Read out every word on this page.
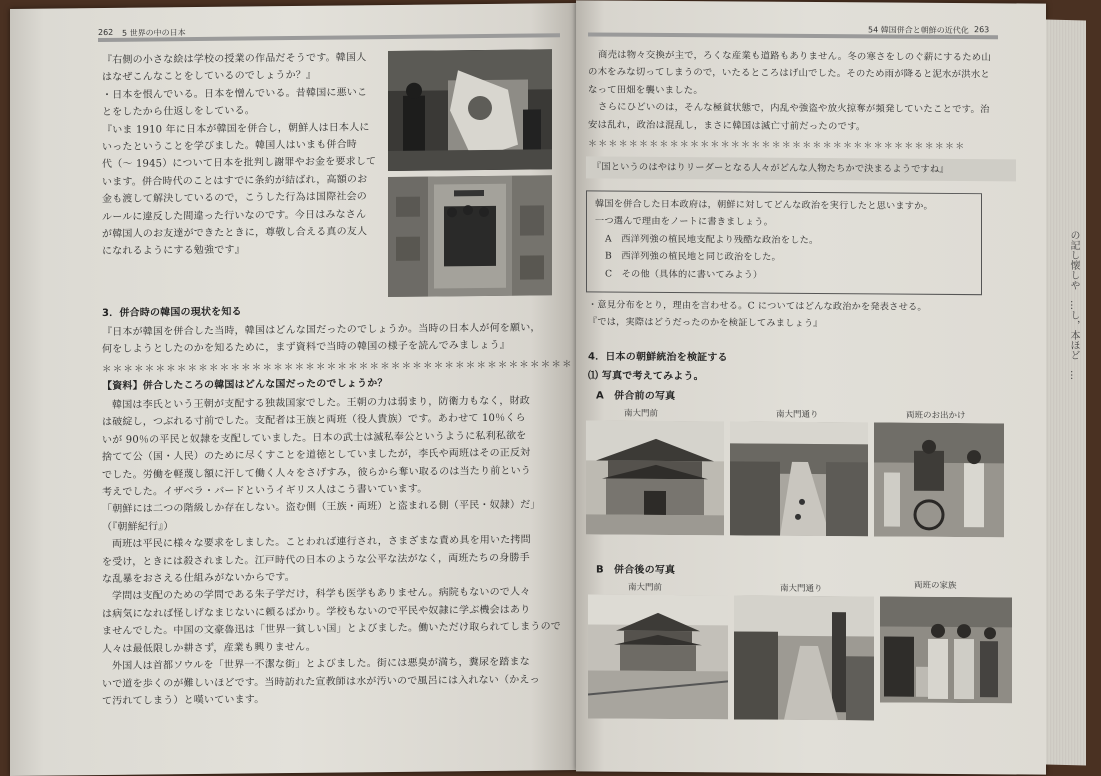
262 5 世界の中の日本
『右側の小さな絵は学校の授業の作品だそうです。韓国人
はなぜこんなことをしているのでしょうか？』
・日本を恨んでいる。日本を憎んでいる。昔韓国に悪いこ
とをしたから仕返しをしている。
『いま 1910 年に日本が韓国を併合し，朝鮮人は日本人に
いったということを学びました。韓国人はいまも併合時
代（～ 1945）について日本を批判し謝罪やお金を要求して
います。併合時代のことはすでに条約が結ばれ，高額のお
金も渡して解決しているので，こうした行為は国際社会の
ルールに違反した間違った行いなのです。今日はみなさん
が韓国人のお友達ができたときに，尊敬し合える真の友人
になれるようにする勉強です』
3．併合時の韓国の現状を知る
『日本が韓国を併合した当時，韓国はどんな国だったのでしょうか。当時の日本人が何を願い，
何をしようとしたのかを知るために，まず資料で当時の韓国の様子を読んでみましょう』
＊＊＊＊＊＊＊＊＊＊＊＊＊＊＊＊＊＊＊＊＊＊＊＊＊＊＊＊＊＊＊＊＊＊＊＊＊＊＊＊＊＊＊＊
【資料】併合したころの韓国はどんな国だったのでしょうか？
韓国は李氏という王朝が支配する独裁国家でした。王朝の力は弱まり，防衛力もなく，財政
は破綻し，つぶれる寸前でした。支配者は王族と両班（役人貴族）です。あわせて 10％くら
いが 90％の平民と奴隷を支配していました。日本の武士は滅私奉公というように私利私欲を
捨てて公（国・人民）のために尽くすことを道徳としていましたが，李氏や両班はその正反対
でした。労働を軽蔑し額に汗して働く人々をさげすみ，彼らから奪い取るのは当たり前という
考えでした。イザベラ・バードというイギリス人はこう書いています。
「朝鮮には二つの階級しか存在しない。盗む側（王族・両班）と盗まれる側（平民・奴隷）だ」
（『朝鮮紀行』）
両班は平民に様々な要求をしました。ことわれば連行され，さまざまな責め具を用いた拷問
を受け，ときには殺されました。江戸時代の日本のような公平な法がなく，両班たちの身勝手
な乱暴をおさえる仕組みがないからです。
学問は支配のための学問である朱子学だけ，科学も医学もありません。病院もないので人々
は病気になれば怪しげなまじないに頼るばかり。学校もないので平民や奴隷に学ぶ機会はあり
ませんでした。中国の文豪魯迅は「世界一貧しい国」とよびました。働いただけ取られてしまうので
人々は最低限しか耕さず，産業も興りません。
外国人は首都ソウルを「世界一不潔な街」とよびました。街には悪臭が満ち，糞尿を踏まな
いで道を歩くのが難しいほどです。当時訪れた宣教師は水が汚いので風呂には入れない（かえっ
て汚れてしまう）と嘆いています。
54 韓国併合と朝鮮の近代化 263
商売は物々交換が主で，ろくな産業も道路もありません。冬の寒さをしのぐ薪にするため山
の木をみな切ってしまうので，いたるところはげ山でした。そのため雨が降ると泥水が洪水と
なって田畑を襲いました。
さらにひどいのは，そんな極貧状態で，内乱や強盗や放火掠奪が頻発していたことです。治
安は乱れ，政治は混乱し，まさに韓国は滅亡寸前だったのです。
＊＊＊＊＊＊＊＊＊＊＊＊＊＊＊＊＊＊＊＊＊＊＊＊＊＊＊＊＊＊＊＊＊＊＊＊＊
『国というのはやはりリーダーとなる人々がどんな人物たちかで決まるようですね』
韓国を併合した日本政府は，朝鮮に対してどんな政治を実行したと思いますか。
一つ選んで理由をノートに書きましょう。
A　西洋列強の植民地支配より残酷な政治をした。
B　西洋列強の植民地と同じ政治をした。
C　その他（具体的に書いてみよう）
・意見分布をとり，理由を言わせる。C についてはどんな政治かを発表させる。
『では，実際はどうだったのかを検証してみましょう』
4．日本の朝鮮統治を検証する
⑴ 写真で考えてみよう。
A　併合前の写真
南大門前	南大門通り	両班のお出かけ
B　併合後の写真
南大門前	南大門通り	両班の家族
の記し懐しや　…し，本ほど　…
